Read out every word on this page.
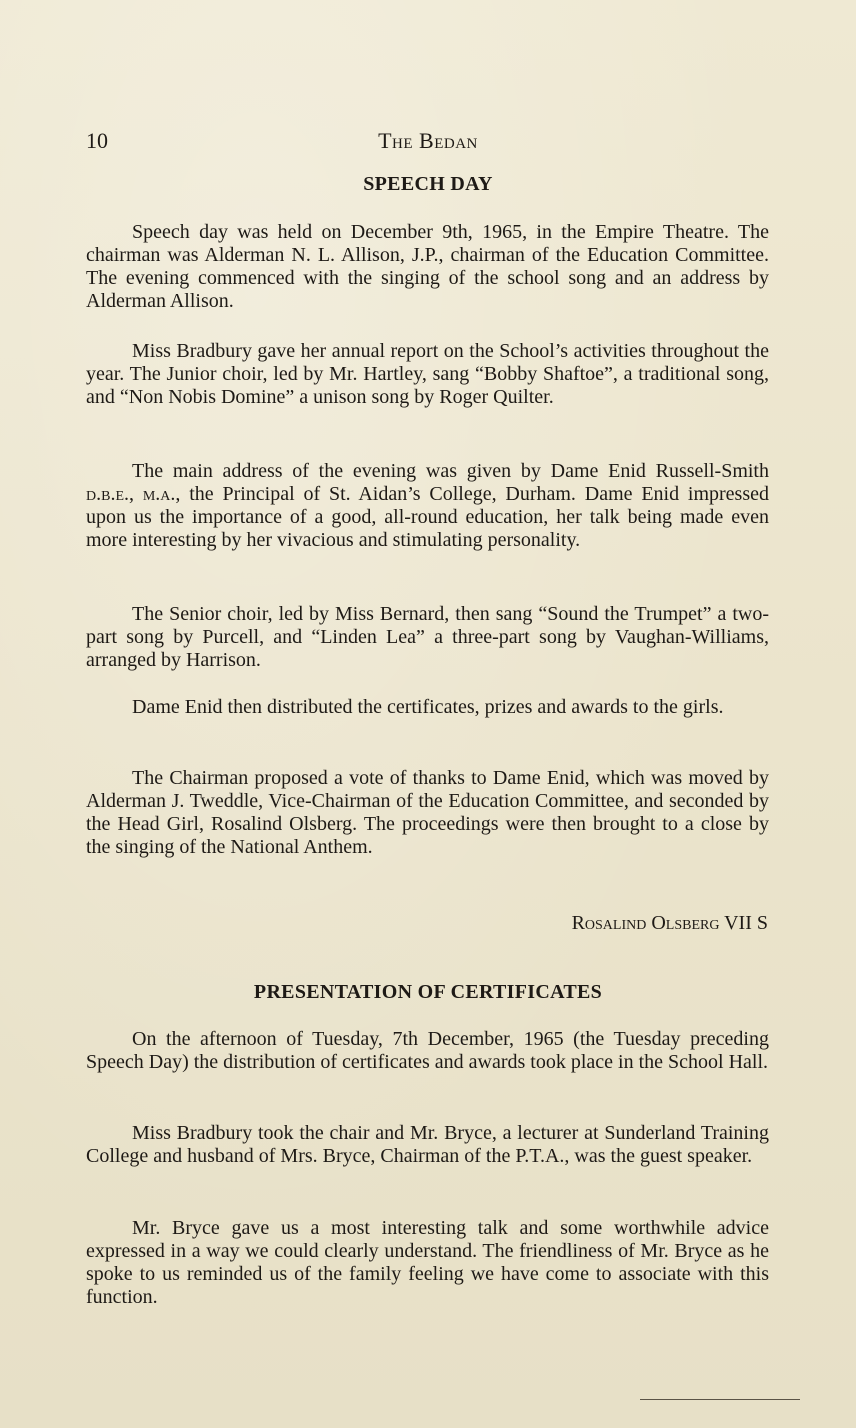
10	The Bedan
SPEECH DAY

Speech day was held on December 9th, 1965, in the Empire Theatre. The chairman was Alderman N. L. Allison, J.P., chairman of the Education Committee. The evening commenced with the singing of the school song and an address by Alderman Allison.

Miss Bradbury gave her annual report on the School’s activities throughout the year. The Junior choir, led by Mr. Hartley, sang “Bobby Shaftoe”, a traditional song, and “Non Nobis Domine” a unison song by Roger Quilter.

The main address of the evening was given by Dame Enid Russell-Smith d.b.e., m.a., the Principal of St. Aidan’s College, Durham. Dame Enid impressed upon us the importance of a good, all-round education, her talk being made even more interesting by her vivacious and stimulating personality.

The Senior choir, led by Miss Bernard, then sang “Sound the Trumpet” a two-part song by Purcell, and “Linden Lea” a three-part song by Vaughan-Williams, arranged by Harrison.

Dame Enid then distributed the certificates, prizes and awards to the girls.

The Chairman proposed a vote of thanks to Dame Enid, which was moved by Alderman J. Tweddle, Vice-Chairman of the Education Committee, and seconded by the Head Girl, Rosalind Olsberg. The proceedings were then brought to a close by the singing of the National Anthem.

Rosalind Olsberg VII S
PRESENTATION OF CERTIFICATES

On the afternoon of Tuesday, 7th December, 1965 (the Tuesday preceding Speech Day) the distribution of certificates and awards took place in the School Hall.

Miss Bradbury took the chair and Mr. Bryce, a lecturer at Sunderland Training College and husband of Mrs. Bryce, Chairman of the P.T.A., was the guest speaker.

Mr. Bryce gave us a most interesting talk and some worthwhile advice expressed in a way we could clearly understand. The friendliness of Mr. Bryce as he spoke to us reminded us of the family feeling we have come to associate with this function.
